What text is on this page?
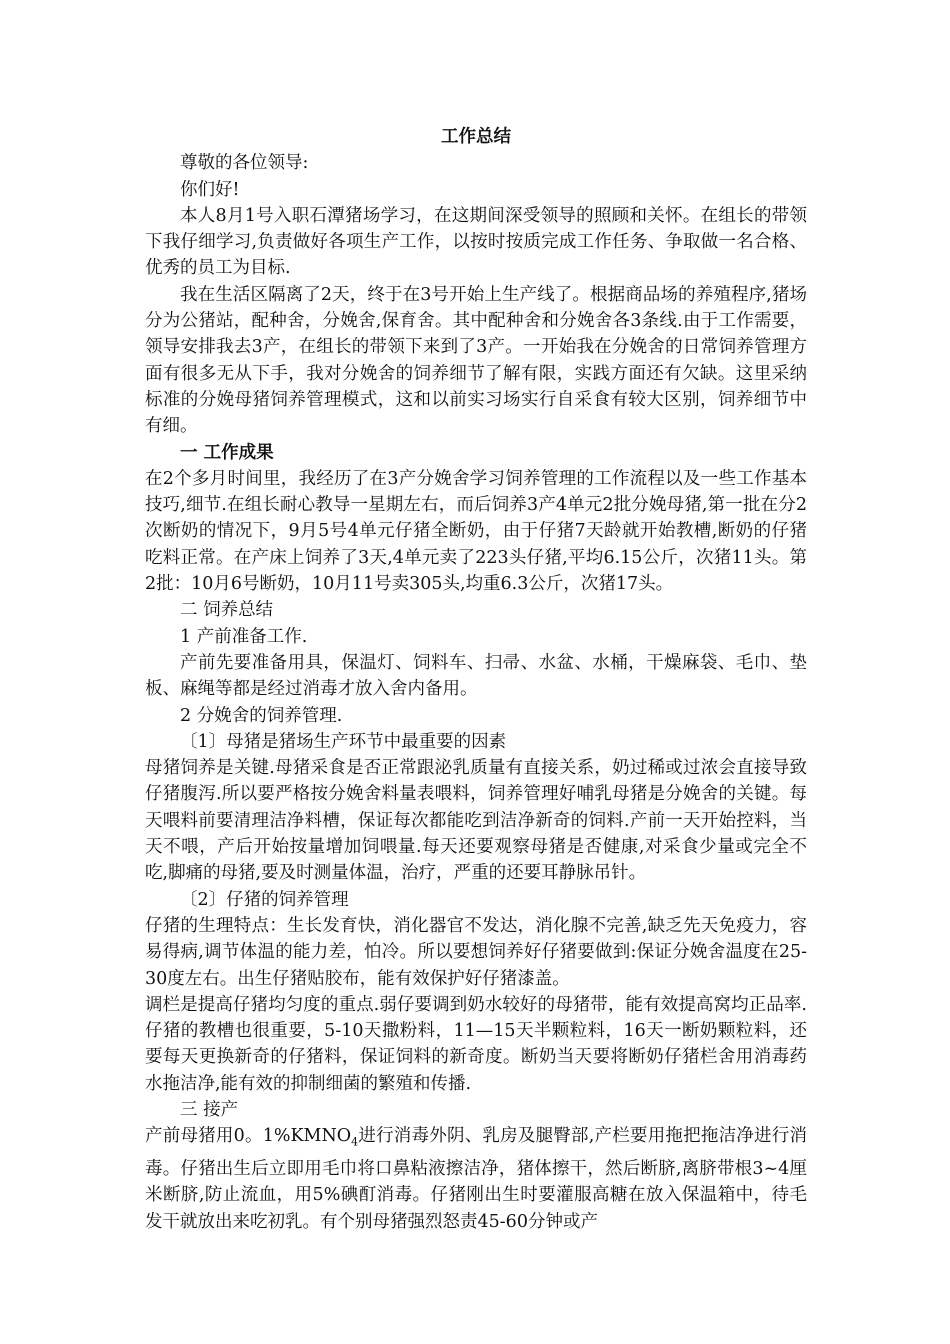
工作总结

尊敬的各位领导:

你们好!

本人8月1号入职石潭猪场学习，在这期间深受领导的照顾和关怀。在组长的带领下我仔细学习,负责做好各项生产工作，以按时按质完成工作任务、争取做一名合格、优秀的员工为目标.

我在生活区隔离了2天，终于在3号开始上生产线了。根据商品场的养殖程序,猪场分为公猪站，配种舍，分娩舍,保育舍。其中配种舍和分娩舍各3条线.由于工作需要，领导安排我去3产，在组长的带领下来到了3产。一开始我在分娩舍的日常饲养管理方面有很多无从下手，我对分娩舍的饲养细节了解有限，实践方面还有欠缺。这里采纳标准的分娩母猪饲养管理模式，这和以前实习场实行自采食有较大区别，饲养细节中有细。

一 工作成果

在2个多月时间里，我经历了在3产分娩舍学习饲养管理的工作流程以及一些工作基本技巧,细节.在组长耐心教导一星期左右，而后饲养3产4单元2批分娩母猪,第一批在分2次断奶的情况下，9月5号4单元仔猪全断奶，由于仔猪7天龄就开始教槽,断奶的仔猪吃料正常。在产床上饲养了3天,4单元卖了223头仔猪,平均6.15公斤，次猪11头。第2批：10月6号断奶，10月11号卖305头,均重6.3公斤，次猪17头。

二 饲养总结

1 产前准备工作.

产前先要准备用具，保温灯、饲料车、扫帚、水盆、水桶，干燥麻袋、毛巾、垫板、麻绳等都是经过消毒才放入舍内备用。

2 分娩舍的饲养管理.

〔1〕母猪是猪场生产环节中最重要的因素

母猪饲养是关键.母猪采食是否正常跟泌乳质量有直接关系，奶过稀或过浓会直接导致仔猪腹泻.所以要严格按分娩舍料量表喂料，饲养管理好哺乳母猪是分娩舍的关键。每天喂料前要清理洁净料槽，保证每次都能吃到洁净新奇的饲料.产前一天开始控料，当天不喂，产后开始按量增加饲喂量.每天还要观察母猪是否健康,对采食少量或完全不吃,脚痛的母猪,要及时测量体温，治疗，严重的还要耳静脉吊针。

〔2〕仔猪的饲养管理

仔猪的生理特点：生长发育快，消化器官不发达，消化腺不完善,缺乏先天免疫力，容易得病,调节体温的能力差，怕冷。所以要想饲养好仔猪要做到:保证分娩舍温度在25-30度左右。出生仔猪贴胶布，能有效保护好仔猪漆盖。

调栏是提高仔猪均匀度的重点.弱仔要调到奶水较好的母猪带，能有效提高窝均正品率.仔猪的教槽也很重要，5-10天撒粉料，11—15天半颗粒料，16天一断奶颗粒料，还要每天更换新奇的仔猪料，保证饲料的新奇度。断奶当天要将断奶仔猪栏舍用消毒药水拖洁净,能有效的抑制细菌的繁殖和传播.

三 接产

产前母猪用0。$1\%KMNO_4$进行消毒外阴、乳房及腿臀部,产栏要用拖把拖洁净进行消毒。仔猪出生后立即用毛巾将口鼻粘液擦洁净，猪体擦干，然后断脐,离脐带根3~4厘米断脐,防止流血，用5%碘酊消毒。仔猪刚出生时要灌服高糖在放入保温箱中，待毛发干就放出来吃初乳。有个别母猪强烈怒责45-60分钟或产
